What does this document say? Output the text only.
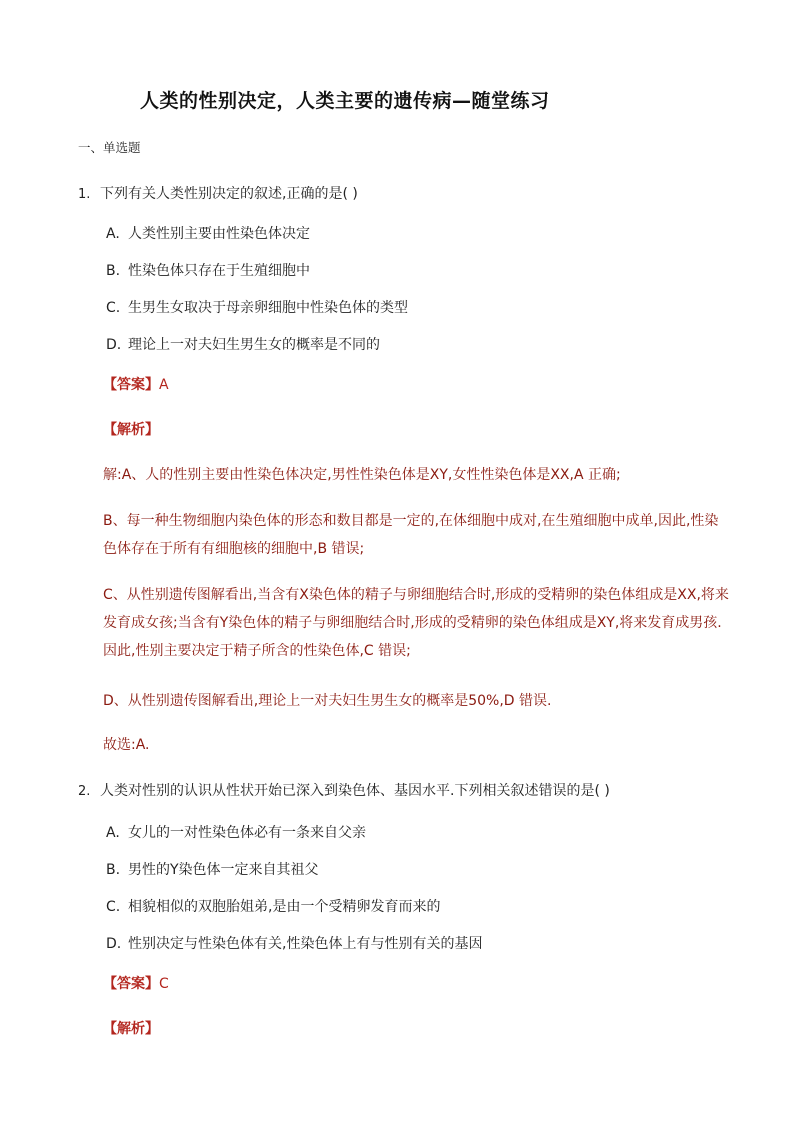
人类的性别决定，人类主要的遗传病—随堂练习
一、单选题
1. 下列有关人类性别决定的叙述,正确的是( )
A. 人类性别主要由性染色体决定
B. 性染色体只存在于生殖细胞中
C. 生男生女取决于母亲卵细胞中性染色体的类型
D. 理论上一对夫妇生男生女的概率是不同的
【答案】A
【解析】
解:A、人的性别主要由性染色体决定,男性性染色体是XY,女性性染色体是XX,A 正确;
B、每一种生物细胞内染色体的形态和数目都是一定的,在体细胞中成对,在生殖细胞中成单,因此,性染
色体存在于所有有细胞核的细胞中,B 错误;
C、从性别遗传图解看出,当含有X染色体的精子与卵细胞结合时,形成的受精卵的染色体组成是XX,将来
发育成女孩;当含有Y染色体的精子与卵细胞结合时,形成的受精卵的染色体组成是XY,将来发育成男孩.
因此,性别主要决定于精子所含的性染色体,C 错误;
D、从性别遗传图解看出,理论上一对夫妇生男生女的概率是50%,D 错误.
故选:A.
2. 人类对性别的认识从性状开始已深入到染色体、基因水平.下列相关叙述错误的是( )
A. 女儿的一对性染色体必有一条来自父亲
B. 男性的Y染色体一定来自其祖父
C. 相貌相似的双胞胎姐弟,是由一个受精卵发育而来的
D. 性别决定与性染色体有关,性染色体上有与性别有关的基因
【答案】C
【解析】
